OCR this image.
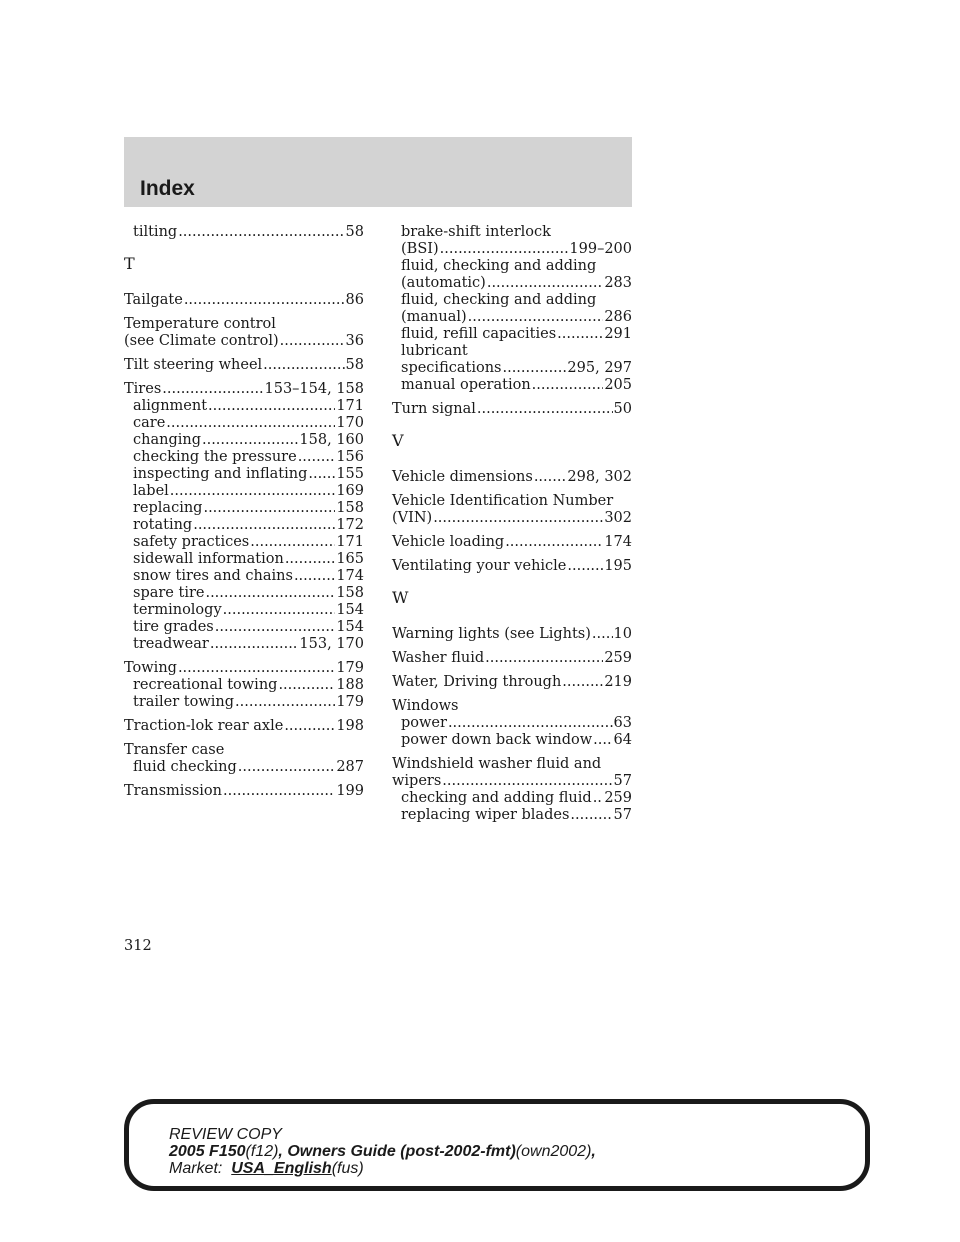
Index
tilting .....	58
T
Tailgate .....	86
Temperature control
(see Climate control) .....	36
Tilt steering wheel .....	58
Tires .....	153–154, 158
alignment .....	171
care .....	170
changing .....	158, 160
checking the pressure .....	156
inspecting and inflating ..... 155
label .....	169
replacing .....	158
rotating .....	172
safety practices .....	171
sidewall information .....	165
snow tires and chains .....	174
spare tire .....	158
terminology .....	154
tire grades .....	154
treadwear .....	153, 170
Towing .....	179
recreational towing .....	188
trailer towing .....	179
Traction-lok rear axle .....	198
Transfer case
fluid checking .....	287
Transmission .....	199
brake-shift interlock
(BSI) .....	199–200
fluid, checking and adding
(automatic) .....	283
fluid, checking and adding
(manual) .....	286
fluid, refill capacities .....	291
lubricant
specifications .....	295, 297
manual operation .....	205
Turn signal .....	50
V
Vehicle dimensions ..... 298, 302
Vehicle Identification Number
(VIN) .....	302
Vehicle loading .....	174
Ventilating your vehicle .....	195
W
Warning lights (see Lights) ..... 10
Washer fluid .....	259
Water, Driving through .....	219
Windows
power .....	63
power down back window ..... 64
Windshield washer fluid and
wipers .....	57
checking and adding fluid ..... 259
replacing wiper blades .....	57
312
REVIEW COPY
2005 F150(f12), Owners Guide (post-2002-fmt)(own2002),
Market:  USA_English(fus)
